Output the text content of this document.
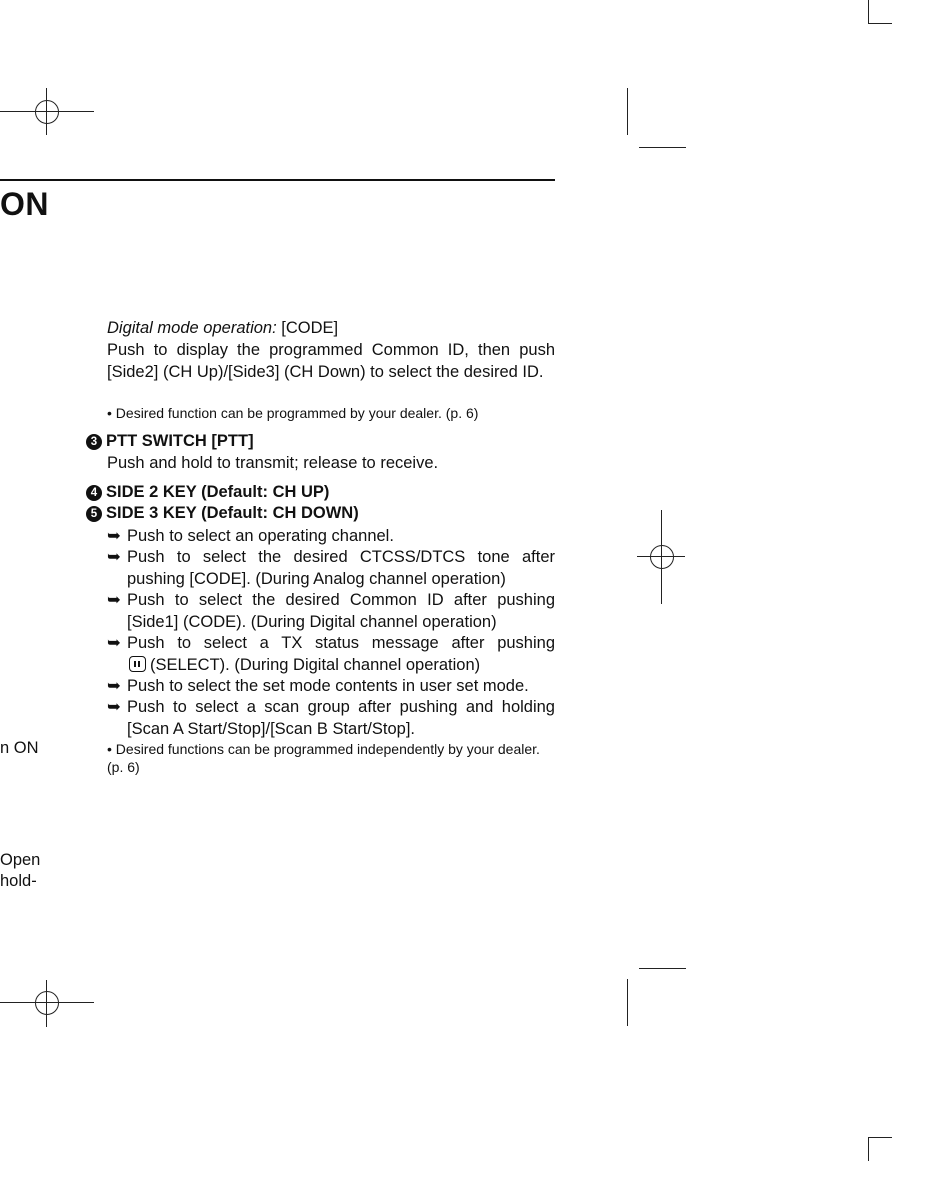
ON
n ON
Open
hold-
Digital mode operation: [CODE]
Push to display the programmed Common ID, then push [Side2] (CH Up)/[Side3] (CH Down) to select the desired ID.
• Desired function can be programmed by your dealer. (p. 6)
3 PTT SWITCH [PTT]
Push and hold to transmit; release to receive.
4 SIDE 2 KEY (Default: CH UP)
5 SIDE 3 KEY (Default: CH DOWN)
➥ Push to select an operating channel.
➥ Push to select the desired CTCSS/DTCS tone after pushing [CODE]. (During Analog channel operation)
➥ Push to select the desired Common ID after pushing [Side1] (CODE). (During Digital channel operation)
➥ Push to select a TX status message after pushing
(SELECT). (During Digital channel operation)
➥ Push to select the set mode contents in user set mode.
➥ Push to select a scan group after pushing and holding [Scan A Start/Stop]/[Scan B Start/Stop].
• Desired functions can be programmed independently by your dealer. (p. 6)
